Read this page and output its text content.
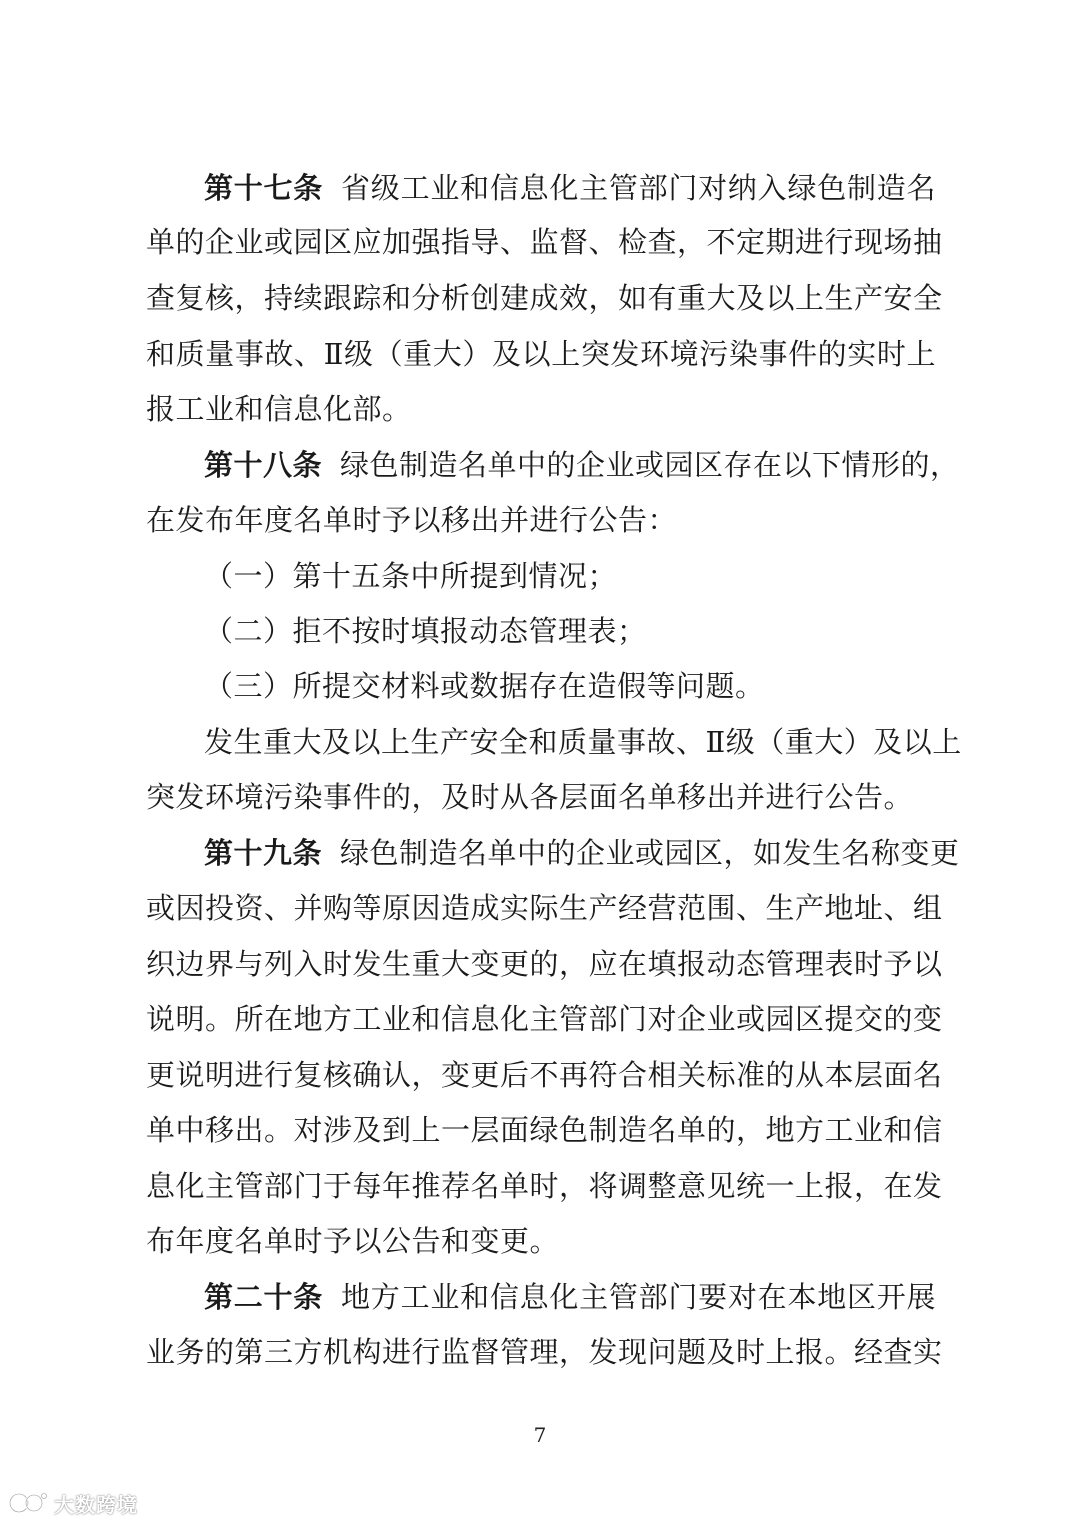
第十七条 省级工业和信息化主管部门对纳入绿色制造名
单的企业或园区应加强指导、监督、检查，不定期进行现场抽
查复核，持续跟踪和分析创建成效，如有重大及以上生产安全
和质量事故、Ⅱ级（重大）及以上突发环境污染事件的实时上
报工业和信息化部。
第十八条 绿色制造名单中的企业或园区存在以下情形的，
在发布年度名单时予以移出并进行公告：
（一）第十五条中所提到情况；
（二）拒不按时填报动态管理表；
（三）所提交材料或数据存在造假等问题。
发生重大及以上生产安全和质量事故、Ⅱ级（重大）及以上
突发环境污染事件的，及时从各层面名单移出并进行公告。
第十九条 绿色制造名单中的企业或园区，如发生名称变更
或因投资、并购等原因造成实际生产经营范围、生产地址、组
织边界与列入时发生重大变更的，应在填报动态管理表时予以
说明。所在地方工业和信息化主管部门对企业或园区提交的变
更说明进行复核确认，变更后不再符合相关标准的从本层面名
单中移出。对涉及到上一层面绿色制造名单的，地方工业和信
息化主管部门于每年推荐名单时，将调整意见统一上报，在发
布年度名单时予以公告和变更。
第二十条 地方工业和信息化主管部门要对在本地区开展
业务的第三方机构进行监督管理，发现问题及时上报。经查实
7
大数跨境
